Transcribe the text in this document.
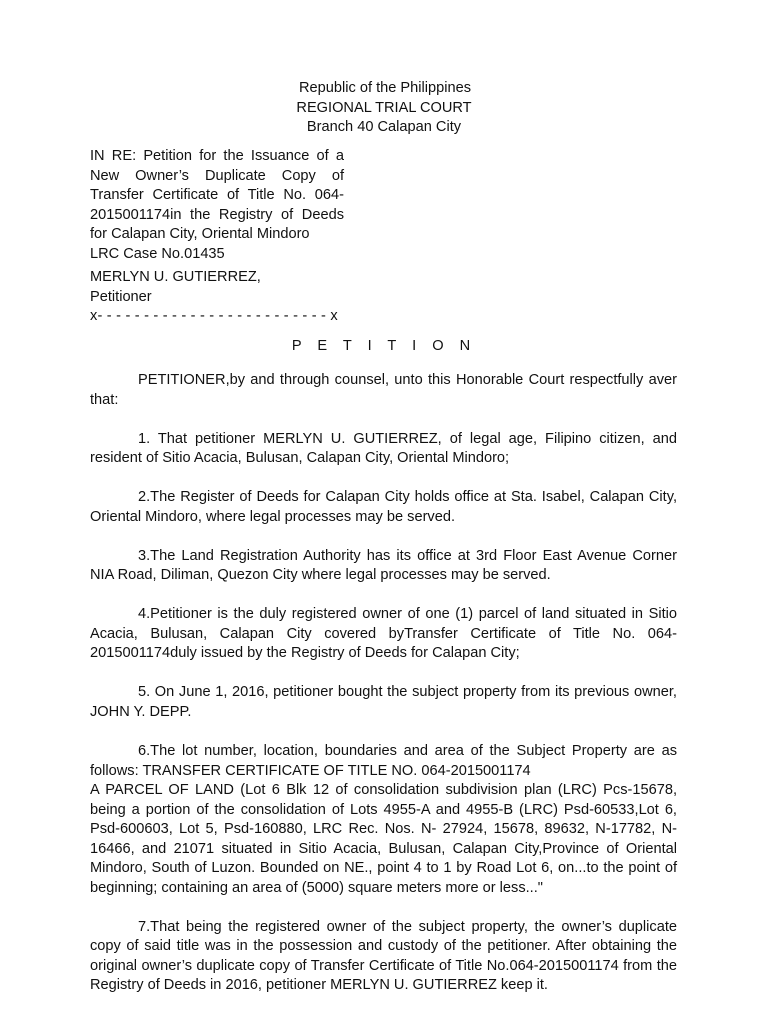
Republic of the Philippines
REGIONAL TRIAL COURT
Branch 40 Calapan City
IN RE: Petition for the Issuance of a New Owner’s Duplicate Copy of Transfer Certificate of Title No. 064-2015001174in the Registry of Deeds for Calapan City, Oriental Mindoro
LRC Case No.01435
MERLYN U. GUTIERREZ,
Petitioner
x- - - - - - - - - - - - - - - - - - - - - - - - - x
P E T I T I O N

PETITIONER,by and through counsel, unto this Honorable Court respectfully aver that:

1. That petitioner MERLYN U. GUTIERREZ, of legal age, Filipino citizen, and resident of Sitio Acacia, Bulusan, Calapan City, Oriental Mindoro;

2.The Register of Deeds for Calapan City holds office at Sta. Isabel, Calapan City, Oriental Mindoro, where legal processes may be served.

3.The Land Registration Authority has its office at 3rd Floor East Avenue Corner NIA Road, Diliman, Quezon City where legal processes may be served.

4.Petitioner is the duly registered owner of one (1) parcel of land situated in Sitio Acacia, Bulusan, Calapan City covered byTransfer Certificate of Title No. 064-2015001174duly issued by the Registry of Deeds for Calapan City;

5. On June 1, 2016, petitioner bought the subject property from its previous owner, JOHN Y. DEPP.

6.The lot number, location, boundaries and area of the Subject Property are as follows: TRANSFER CERTIFICATE OF TITLE NO. 064-2015001174

A PARCEL OF LAND (Lot 6 Blk 12 of consolidation subdivision plan (LRC) Pcs-15678, being a portion of the consolidation of Lots 4955-A and 4955-B (LRC) Psd-60533,Lot 6, Psd-600603, Lot 5, Psd-160880, LRC Rec. Nos. N- 27924, 15678, 89632, N-17782, N-16466, and 21071 situated in Sitio Acacia, Bulusan, Calapan City,Province of Oriental Mindoro, South of Luzon. Bounded on NE., point 4 to 1 by Road Lot 6, on...to the point of beginning; containing an area of (5000) square meters more or less..."

7.That being the registered owner of the subject property, the owner’s duplicate copy of said title was in the possession and custody of the petitioner. After obtaining the original owner’s duplicate copy of Transfer Certificate of Title No.064-2015001174 from the Registry of Deeds in 2016, petitioner MERLYN U. GUTIERREZ keep it.
